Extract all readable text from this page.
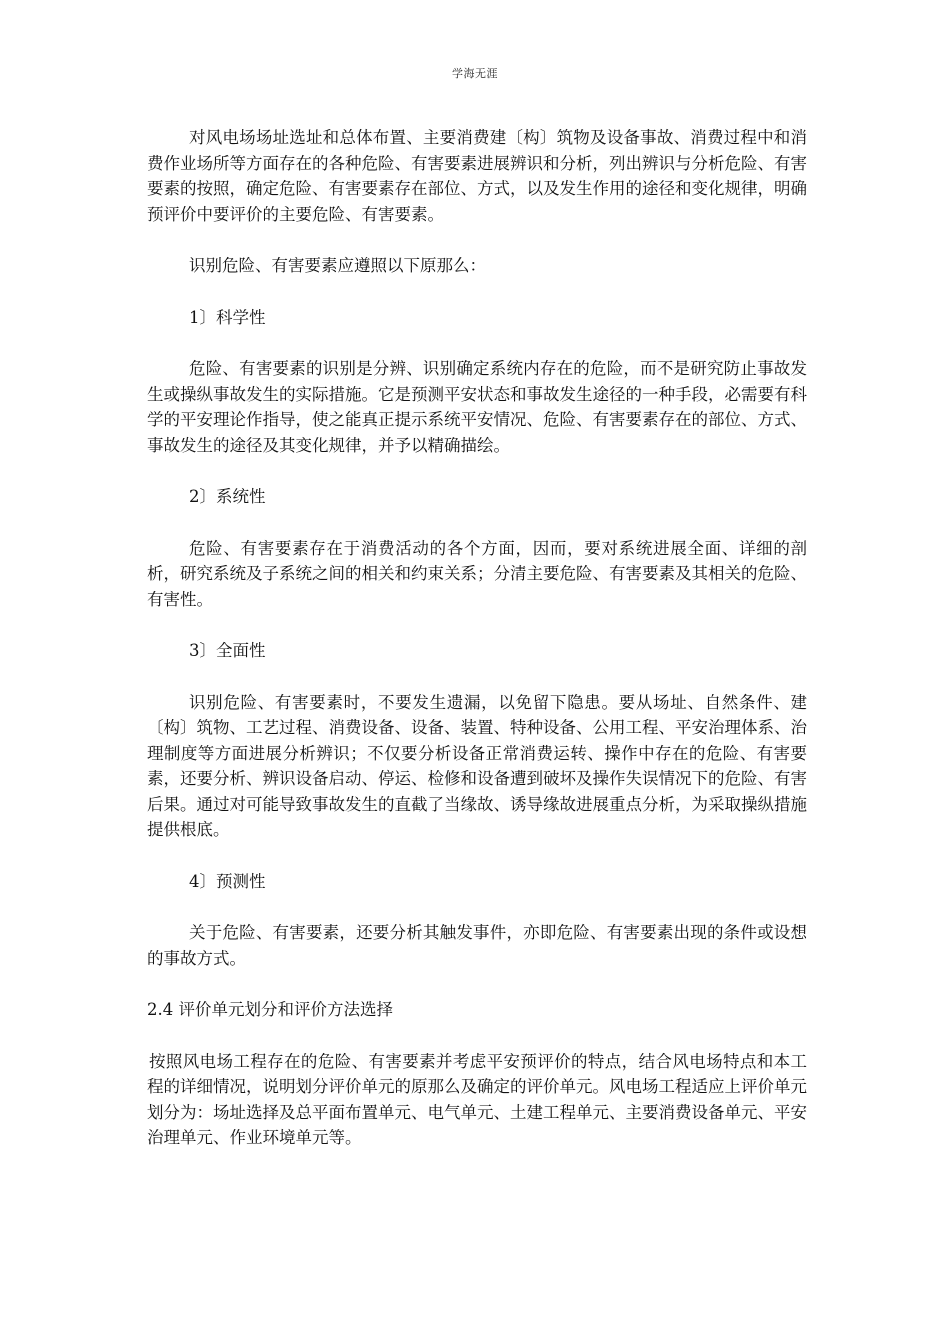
学海无涯

对风电场场址选址和总体布置、主要消费建〔构〕筑物及设备事故、消费过程中和消费作业场所等方面存在的各种危险、有害要素进展辨识和分析，列出辨识与分析危险、有害要素的按照，确定危险、有害要素存在部位、方式，以及发生作用的途径和变化规律，明确预评价中要评价的主要危险、有害要素。

识别危险、有害要素应遵照以下原那么：

1〕科学性

危险、有害要素的识别是分辨、识别确定系统内存在的危险，而不是研究防止事故发生或操纵事故发生的实际措施。它是预测平安状态和事故发生途径的一种手段，必需要有科学的平安理论作指导，使之能真正提示系统平安情况、危险、有害要素存在的部位、方式、事故发生的途径及其变化规律，并予以精确描绘。

2〕系统性

危险、有害要素存在于消费活动的各个方面，因而，要对系统进展全面、详细的剖析，研究系统及子系统之间的相关和约束关系；分清主要危险、有害要素及其相关的危险、有害性。

3〕全面性

识别危险、有害要素时，不要发生遗漏，以免留下隐患。要从场址、自然条件、建〔构〕筑物、工艺过程、消费设备、设备、装置、特种设备、公用工程、平安治理体系、治理制度等方面进展分析辨识；不仅要分析设备正常消费运转、操作中存在的危险、有害要素，还要分析、辨识设备启动、停运、检修和设备遭到破坏及操作失误情况下的危险、有害后果。通过对可能导致事故发生的直截了当缘故、诱导缘故进展重点分析，为采取操纵措施提供根底。

4〕预测性

关于危险、有害要素，还要分析其触发事件，亦即危险、有害要素出现的条件或设想的事故方式。

2.4 评价单元划分和评价方法选择

按照风电场工程存在的危险、有害要素并考虑平安预评价的特点，结合风电场特点和本工程的详细情况，说明划分评价单元的原那么及确定的评价单元。风电场工程适应上评价单元划分为：场址选择及总平面布置单元、电气单元、土建工程单元、主要消费设备单元、平安治理单元、作业环境单元等。
